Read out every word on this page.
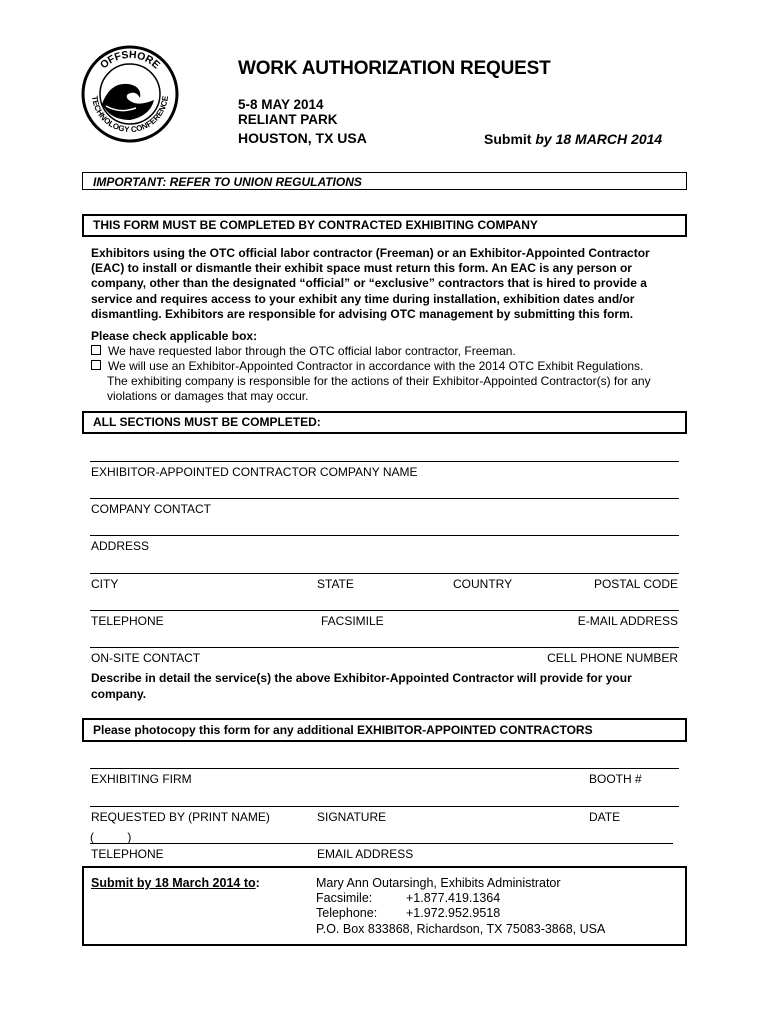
OFFSHORE
TECHNOLOGY CONFERENCE
WORK AUTHORIZATION REQUEST
5-8 MAY 2014
RELIANT PARK
HOUSTON, TX USA	Submit by 18 MARCH 2014
IMPORTANT: REFER TO UNION REGULATIONS
THIS FORM MUST BE COMPLETED BY CONTRACTED EXHIBITING COMPANY
Exhibitors using the OTC official labor contractor (Freeman) or an Exhibitor-Appointed Contractor (EAC) to install or dismantle their exhibit space must return this form. An EAC is any person or company, other than the designated “official” or “exclusive” contractors that is hired to provide a service and requires access to your exhibit any time during installation, exhibition dates and/or dismantling. Exhibitors are responsible for advising OTC management by submitting this form.
Please check applicable box:
We have requested labor through the OTC official labor contractor, Freeman.
We will use an Exhibitor-Appointed Contractor in accordance with the 2014 OTC Exhibit Regulations.
The exhibiting company is responsible for the actions of their Exhibitor-Appointed Contractor(s) for any violations or damages that may occur.
ALL SECTIONS MUST BE COMPLETED:
EXHIBITOR-APPOINTED CONTRACTOR COMPANY NAME
COMPANY CONTACT
ADDRESS
CITY	STATE	COUNTRY	POSTAL CODE
TELEPHONE	FACSIMILE	E-MAIL ADDRESS
ON-SITE CONTACT	CELL PHONE NUMBER
Describe in detail the service(s) the above Exhibitor-Appointed Contractor will provide for your company.
Please photocopy this form for any additional EXHIBITOR-APPOINTED CONTRACTORS
EXHIBITING FIRM	BOOTH #
REQUESTED BY (PRINT NAME)	SIGNATURE	DATE
(          )
TELEPHONE	EMAIL ADDRESS
Submit by 18 March 2014 to:	Mary Ann Outarsingh, Exhibits Administrator
Facsimile:	+1.877.419.1364
Telephone: +1.972.952.9518
P.O. Box 833868, Richardson, TX 75083-3868, USA
